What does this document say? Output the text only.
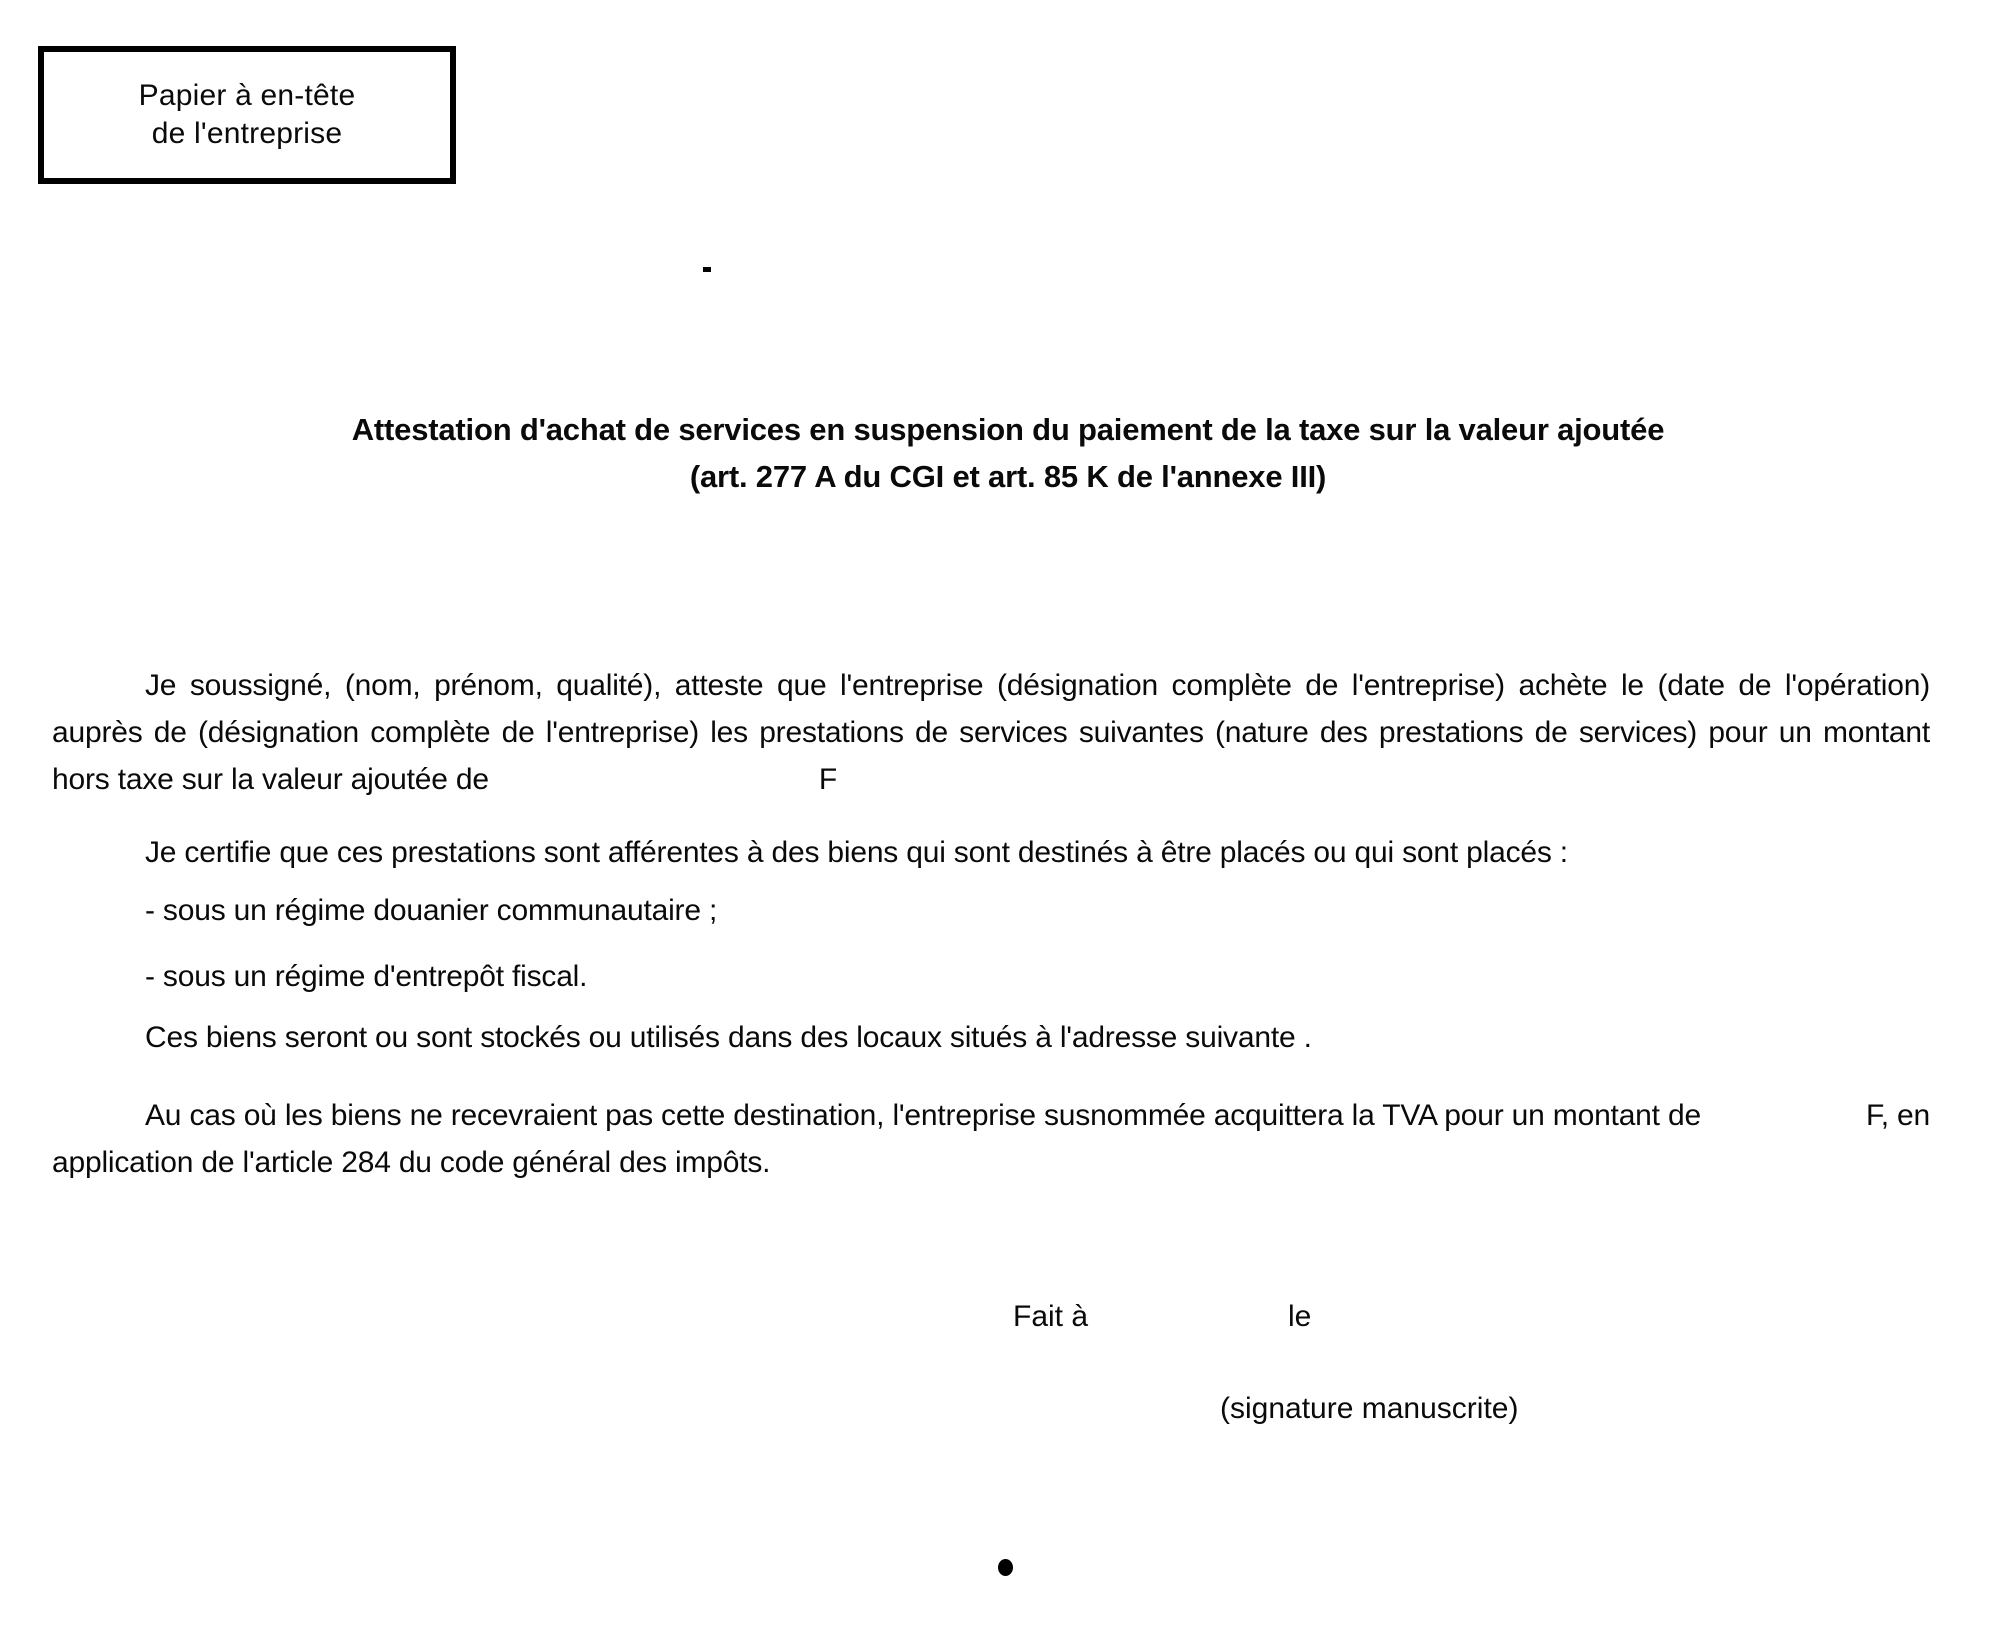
Papier à en-tête
de l'entreprise
Attestation d'achat de services en suspension du paiement de la taxe sur la valeur ajoutée
(art. 277 A du CGI et art. 85 K de l'annexe III)

Je soussigné, (nom, prénom, qualité), atteste que l'entreprise (désignation complète de l'entreprise) achète le (date de l'opération) auprès de (désignation complète de l'entreprise) les prestations de services suivantes (nature des prestations de services) pour un montant hors taxe sur la valeur ajoutée de	F

Je certifie que ces prestations sont afférentes à des biens qui sont destinés à être placés ou qui sont placés :

- sous un régime douanier communautaire ;

- sous un régime d'entrepôt fiscal.

Ces biens seront ou sont stockés ou utilisés dans des locaux situés à l'adresse suivante .

Au cas où les biens ne recevraient pas cette destination, l'entreprise susnommée acquittera la TVA pour un montant de	F, en application de l'article 284 du code général des impôts.

Fait à	le
(signature manuscrite)
